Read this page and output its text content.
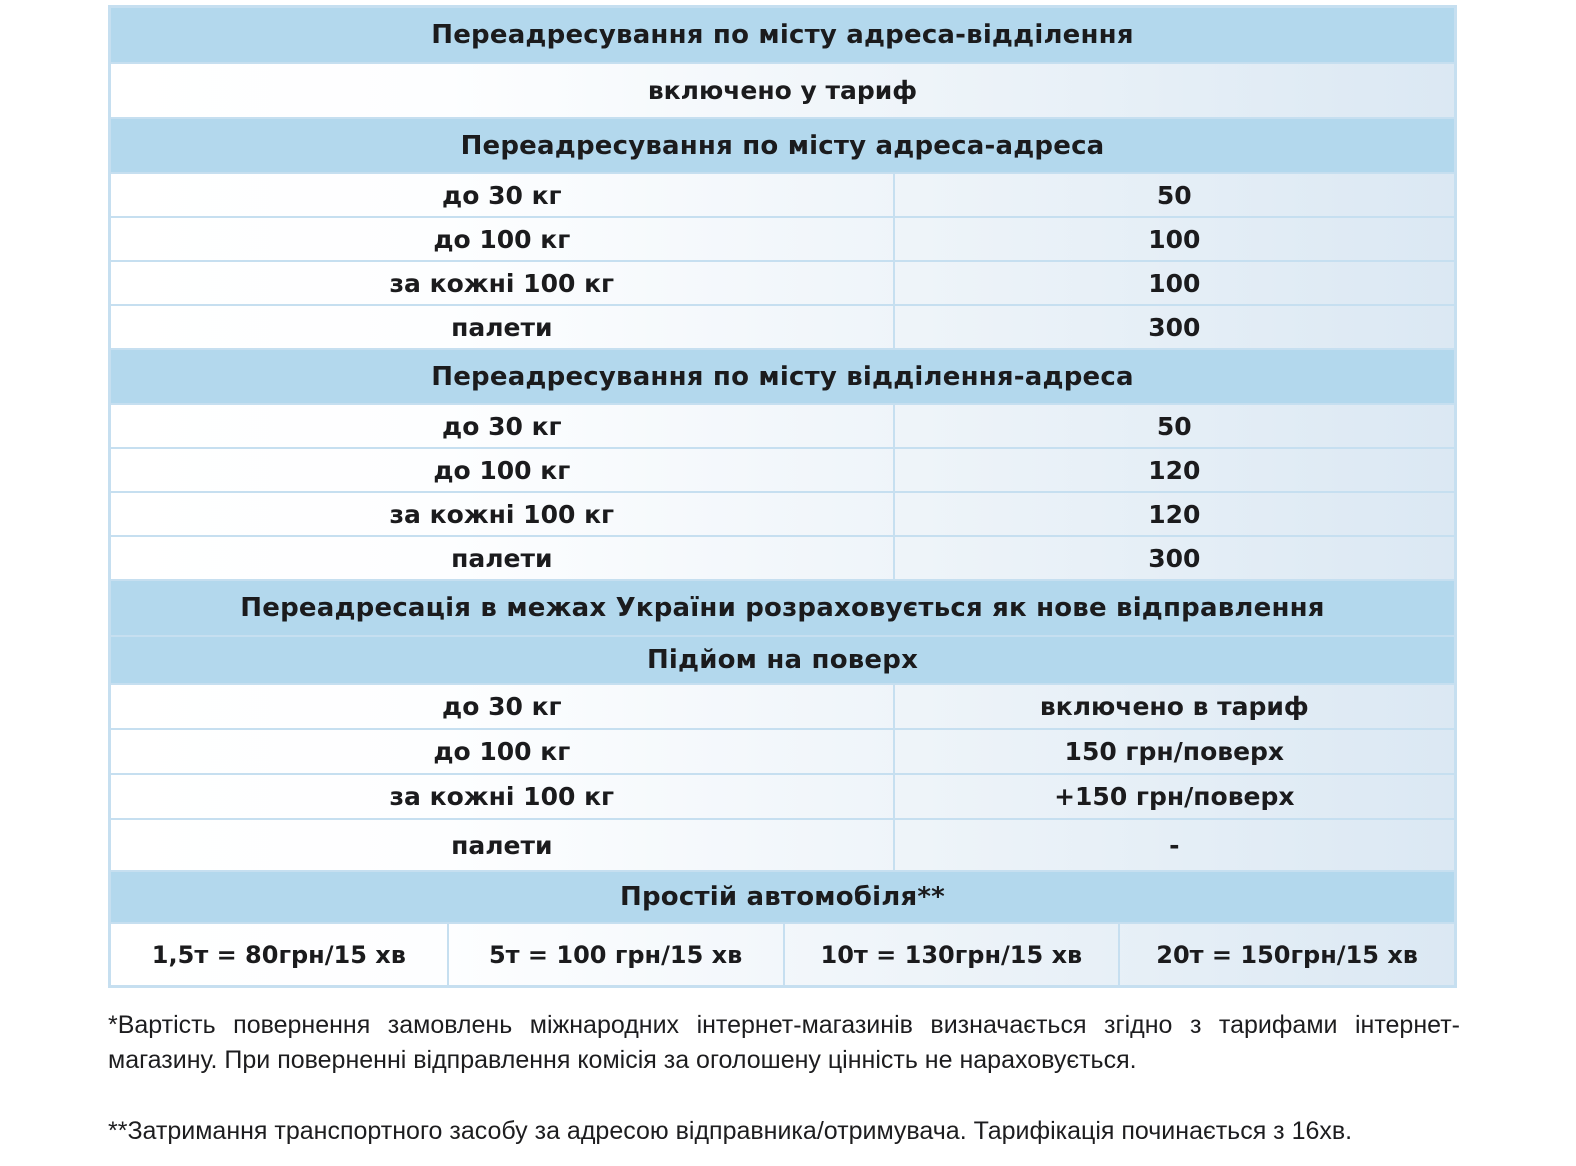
Переадресування по місту адреса-відділення
включено у тариф
Переадресування по місту адреса-адреса
до 30 кг	50
до 100 кг	100
за кожні 100 кг	100
палети	300
Переадресування по місту відділення-адреса
до 30 кг	50
до 100 кг	120
за кожні 100 кг	120
палети	300
Переадресація в межах України розраховується як нове відправлення
Підйом на поверх
до 30 кг	включено в тариф
до 100 кг	150 грн/поверх
за кожні 100 кг	+150 грн/поверх
палети	-
Простій автомобіля**
1,5т = 80грн/15 хв	5т = 100 грн/15 хв	10т = 130грн/15 хв	20т = 150грн/15 хв

*Вартість повернення замовлень міжнародних інтернет-магазинів визначається згідно з тарифами інтернет-магазину. При поверненні відправлення комісія за оголошену цінність не нараховується.

**Затримання транспортного засобу за адресою відправника/отримувача. Тарифікація починається з 16хв.
